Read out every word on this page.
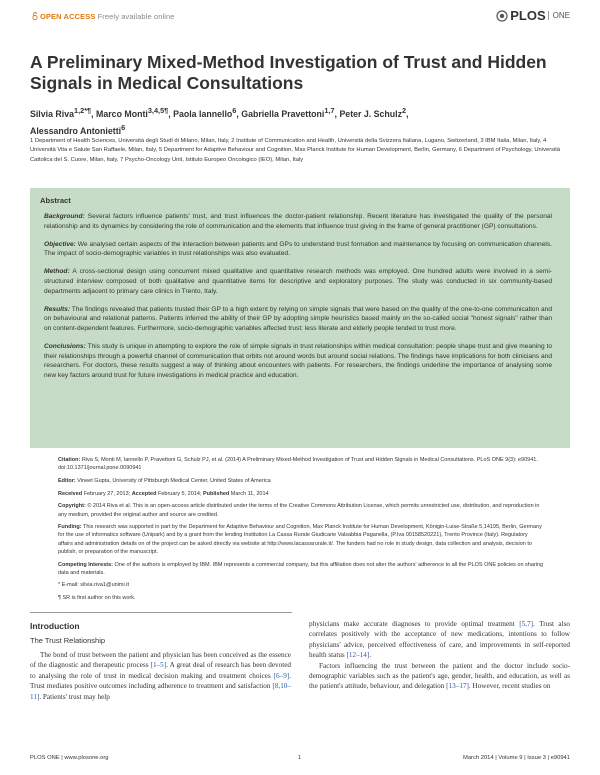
OPEN ACCESS Freely available online	PLOS ONE
A Preliminary Mixed-Method Investigation of Trust and Hidden Signals in Medical Consultations
Silvia Riva$^{1,2*\P}$, Marco Monti$^{3,4,5\P}$, Paola Iannello$^6$, Gabriella Pravettoni$^{1,7}$, Peter J. Schulz$^2$,
Alessandro Antonietti$^6$
1 Department of Health Sciences, Università degli Studi di Milano, Milan, Italy, 2 Institute of Communication and Health, Università della Svizzera Italiana, Lugano, Switzerland, 3 IBM Italia, Milan, Italy, 4 Università Vita e Salute San Raffaele, Milan, Italy, 5 Department for Adaptive Behaviour and Cognition, Max Planck Institute for Human Development, Berlin, Germany, 6 Department of Psychology, Università Cattolica del S. Cuore, Milan, Italy, 7 Psycho-Oncology Unit, Istituto Europeo Oncologico (IEO), Milan, Italy
Abstract

Background: Several factors influence patients' trust, and trust influences the doctor-patient relationship. Recent literature has investigated the quality of the personal relationship and its dynamics by considering the role of communication and the elements that influence trust giving in the frame of general practitioner (GP) consultations.

Objective: We analysed certain aspects of the interaction between patients and GPs to understand trust formation and maintenance by focusing on communication channels. The impact of socio-demographic variables in trust relationships was also evaluated.

Method: A cross-sectional design using concurrent mixed qualitative and quantitative research methods was employed. One hundred adults were involved in a semi-structured interview composed of both qualitative and quantitative items for descriptive and exploratory purposes. The study was conducted in six community-based departments adjacent to primary care clinics in Trento, Italy.

Results: The findings revealed that patients trusted their GP to a high extent by relying on simple signals that were based on the quality of the one-to-one communication and on behavioural and relational patterns. Patients inferred the ability of their GP by adopting simple heuristics based mainly on the so-called social "honest signals" rather than on content-dependent features. Furthermore, socio-demographic variables affected trust: less literate and elderly people tended to trust more.

Conclusions: This study is unique in attempting to explore the role of simple signals in trust relationships within medical consultation: people shape trust and give meaning to their relationships through a powerful channel of communication that orbits not around words but around social relations. The findings have implications for both clinicians and researchers. For doctors, these results suggest a way of thinking about encounters with patients. For researchers, the findings underline the importance of analysing some new key factors around trust for future investigations in medical practice and education.

Citation: Riva S, Monti M, Iannello P, Pravettoni G, Schulz PJ, et al. (2014) A Preliminary Mixed-Method Investigation of Trust and Hidden Signals in Medical Consultations. PLoS ONE 9(3): e90941. doi:10.1371/journal.pone.0090941

Editor: Vineet Gupta, University of Pittsburgh Medical Center, United States of America

Received February 27, 2013; Accepted February 5, 2014; Published March 11, 2014

Copyright: © 2014 Riva et al. This is an open-access article distributed under the terms of the Creative Commons Attribution License, which permits unrestricted use, distribution, and reproduction in any medium, provided the original author and source are credited.

Funding: This research was supported in part by the Department for Adaptive Behaviour and Cognition, Max Planck Institute for Human Development, Königin-Luise-Straße 5,14195, Berlin, Germany for the use of informatics software (Unipark) and by a grant from the lending Institution La Cassa Rurale Giudicarie Valsabbia Paganella, (P.Iva 00158520221), Trento Province (Italy). Regulatory affairs and administration details on of the project can be asked directly via website at http://www.lacassarurale.it/. The funders had no role in study design, data collection and analysis, decision to publish, or preparation of the manuscript.

Competing Interests: One of the authors is employed by IBM. IBM represents a commercial company, but this affiliation does not alter the authors' adherence to all the PLOS ONE policies on sharing data and materials.

* E-mail: silvia.riva1@unimi.it

¶ SR is first author on this work.

Introduction
The Trust Relationship

The bond of trust between the patient and physician has been conceived as the essence of the diagnostic and therapeutic process [1–5]. A great deal of research has been devoted to analysing the role of trust in medical decision making and treatment choices [6–9]. Trust mediates positive outcomes including adherence to treatment and satisfaction [8,10–11]. Patients' trust may help

physicians make accurate diagnoses to provide optimal treatment [5,7]. Trust also correlates positively with the acceptance of new medications, intentions to follow physicians' advice, perceived effectiveness of care, and improvements in self-reported health status [12–14].

Factors influencing the trust between the patient and the doctor include socio-demographic variables such as the patient's age, gender, health, and education, as well as the patient's attitude, behaviour, and delegation [13–17]. However, recent studies on

PLOS ONE | www.plosone.org	1	March 2014 | Volume 9 | Issue 3 | e90941
